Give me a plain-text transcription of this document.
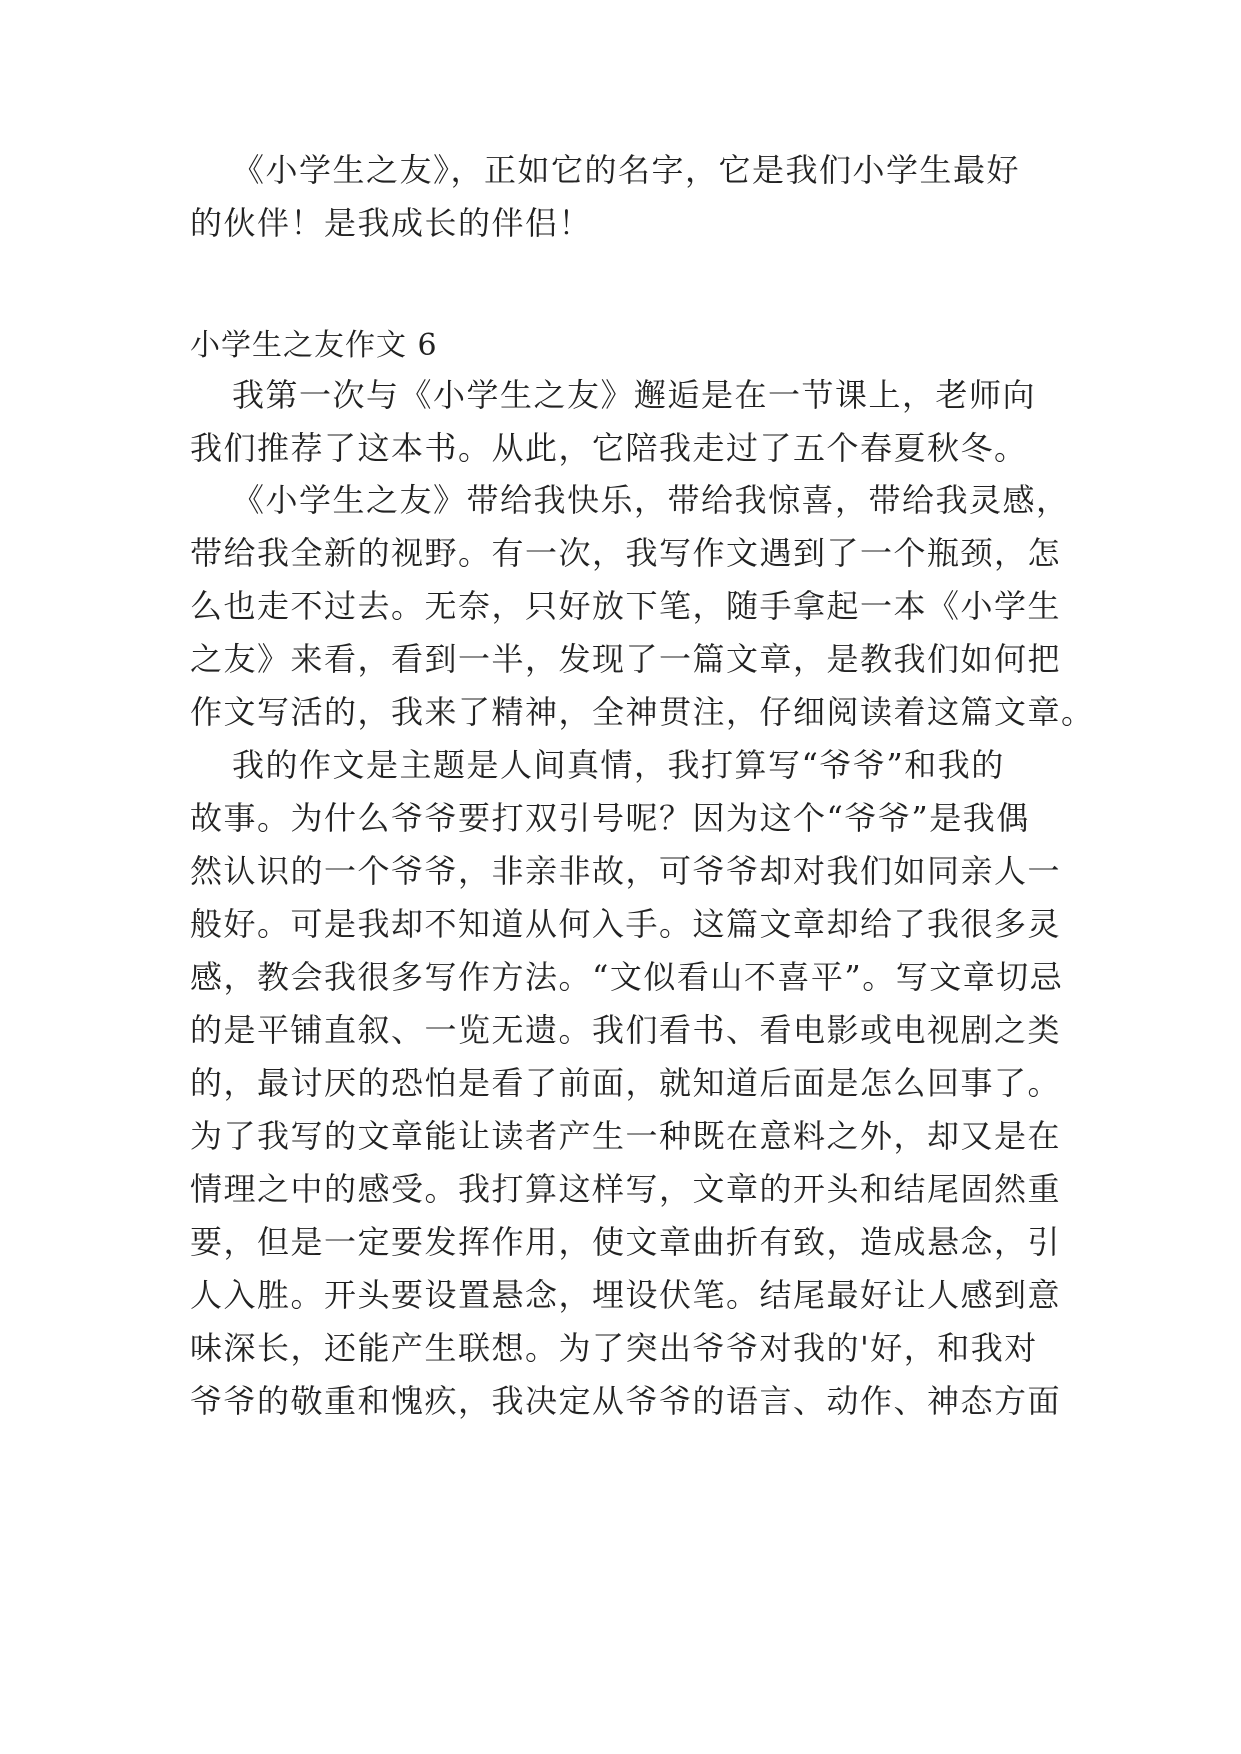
《小学生之友》，正如它的名字，它是我们小学生最好
的伙伴！是我成长的伴侣！
小学生之友作文 6
我第一次与《小学生之友》邂逅是在一节课上，老师向
我们推荐了这本书。从此，它陪我走过了五个春夏秋冬。
《小学生之友》带给我快乐，带给我惊喜，带给我灵感，
带给我全新的视野。有一次，我写作文遇到了一个瓶颈，怎
么也走不过去。无奈，只好放下笔，随手拿起一本《小学生
之友》来看，看到一半，发现了一篇文章，是教我们如何把
作文写活的，我来了精神，全神贯注，仔细阅读着这篇文章。
我的作文是主题是人间真情，我打算写“爷爷”和我的
故事。为什么爷爷要打双引号呢？因为这个“爷爷”是我偶
然认识的一个爷爷，非亲非故，可爷爷却对我们如同亲人一
般好。可是我却不知道从何入手。这篇文章却给了我很多灵
感，教会我很多写作方法。“文似看山不喜平”。写文章切忌
的是平铺直叙、一览无遗。我们看书、看电影或电视剧之类
的，最讨厌的恐怕是看了前面，就知道后面是怎么回事了。
为了我写的文章能让读者产生一种既在意料之外，却又是在
情理之中的感受。我打算这样写，文章的开头和结尾固然重
要，但是一定要发挥作用，使文章曲折有致，造成悬念，引
人入胜。开头要设置悬念，埋设伏笔。结尾最好让人感到意
味深长，还能产生联想。为了突出爷爷对我的'好，和我对
爷爷的敬重和愧疚，我决定从爷爷的语言、动作、神态方面
